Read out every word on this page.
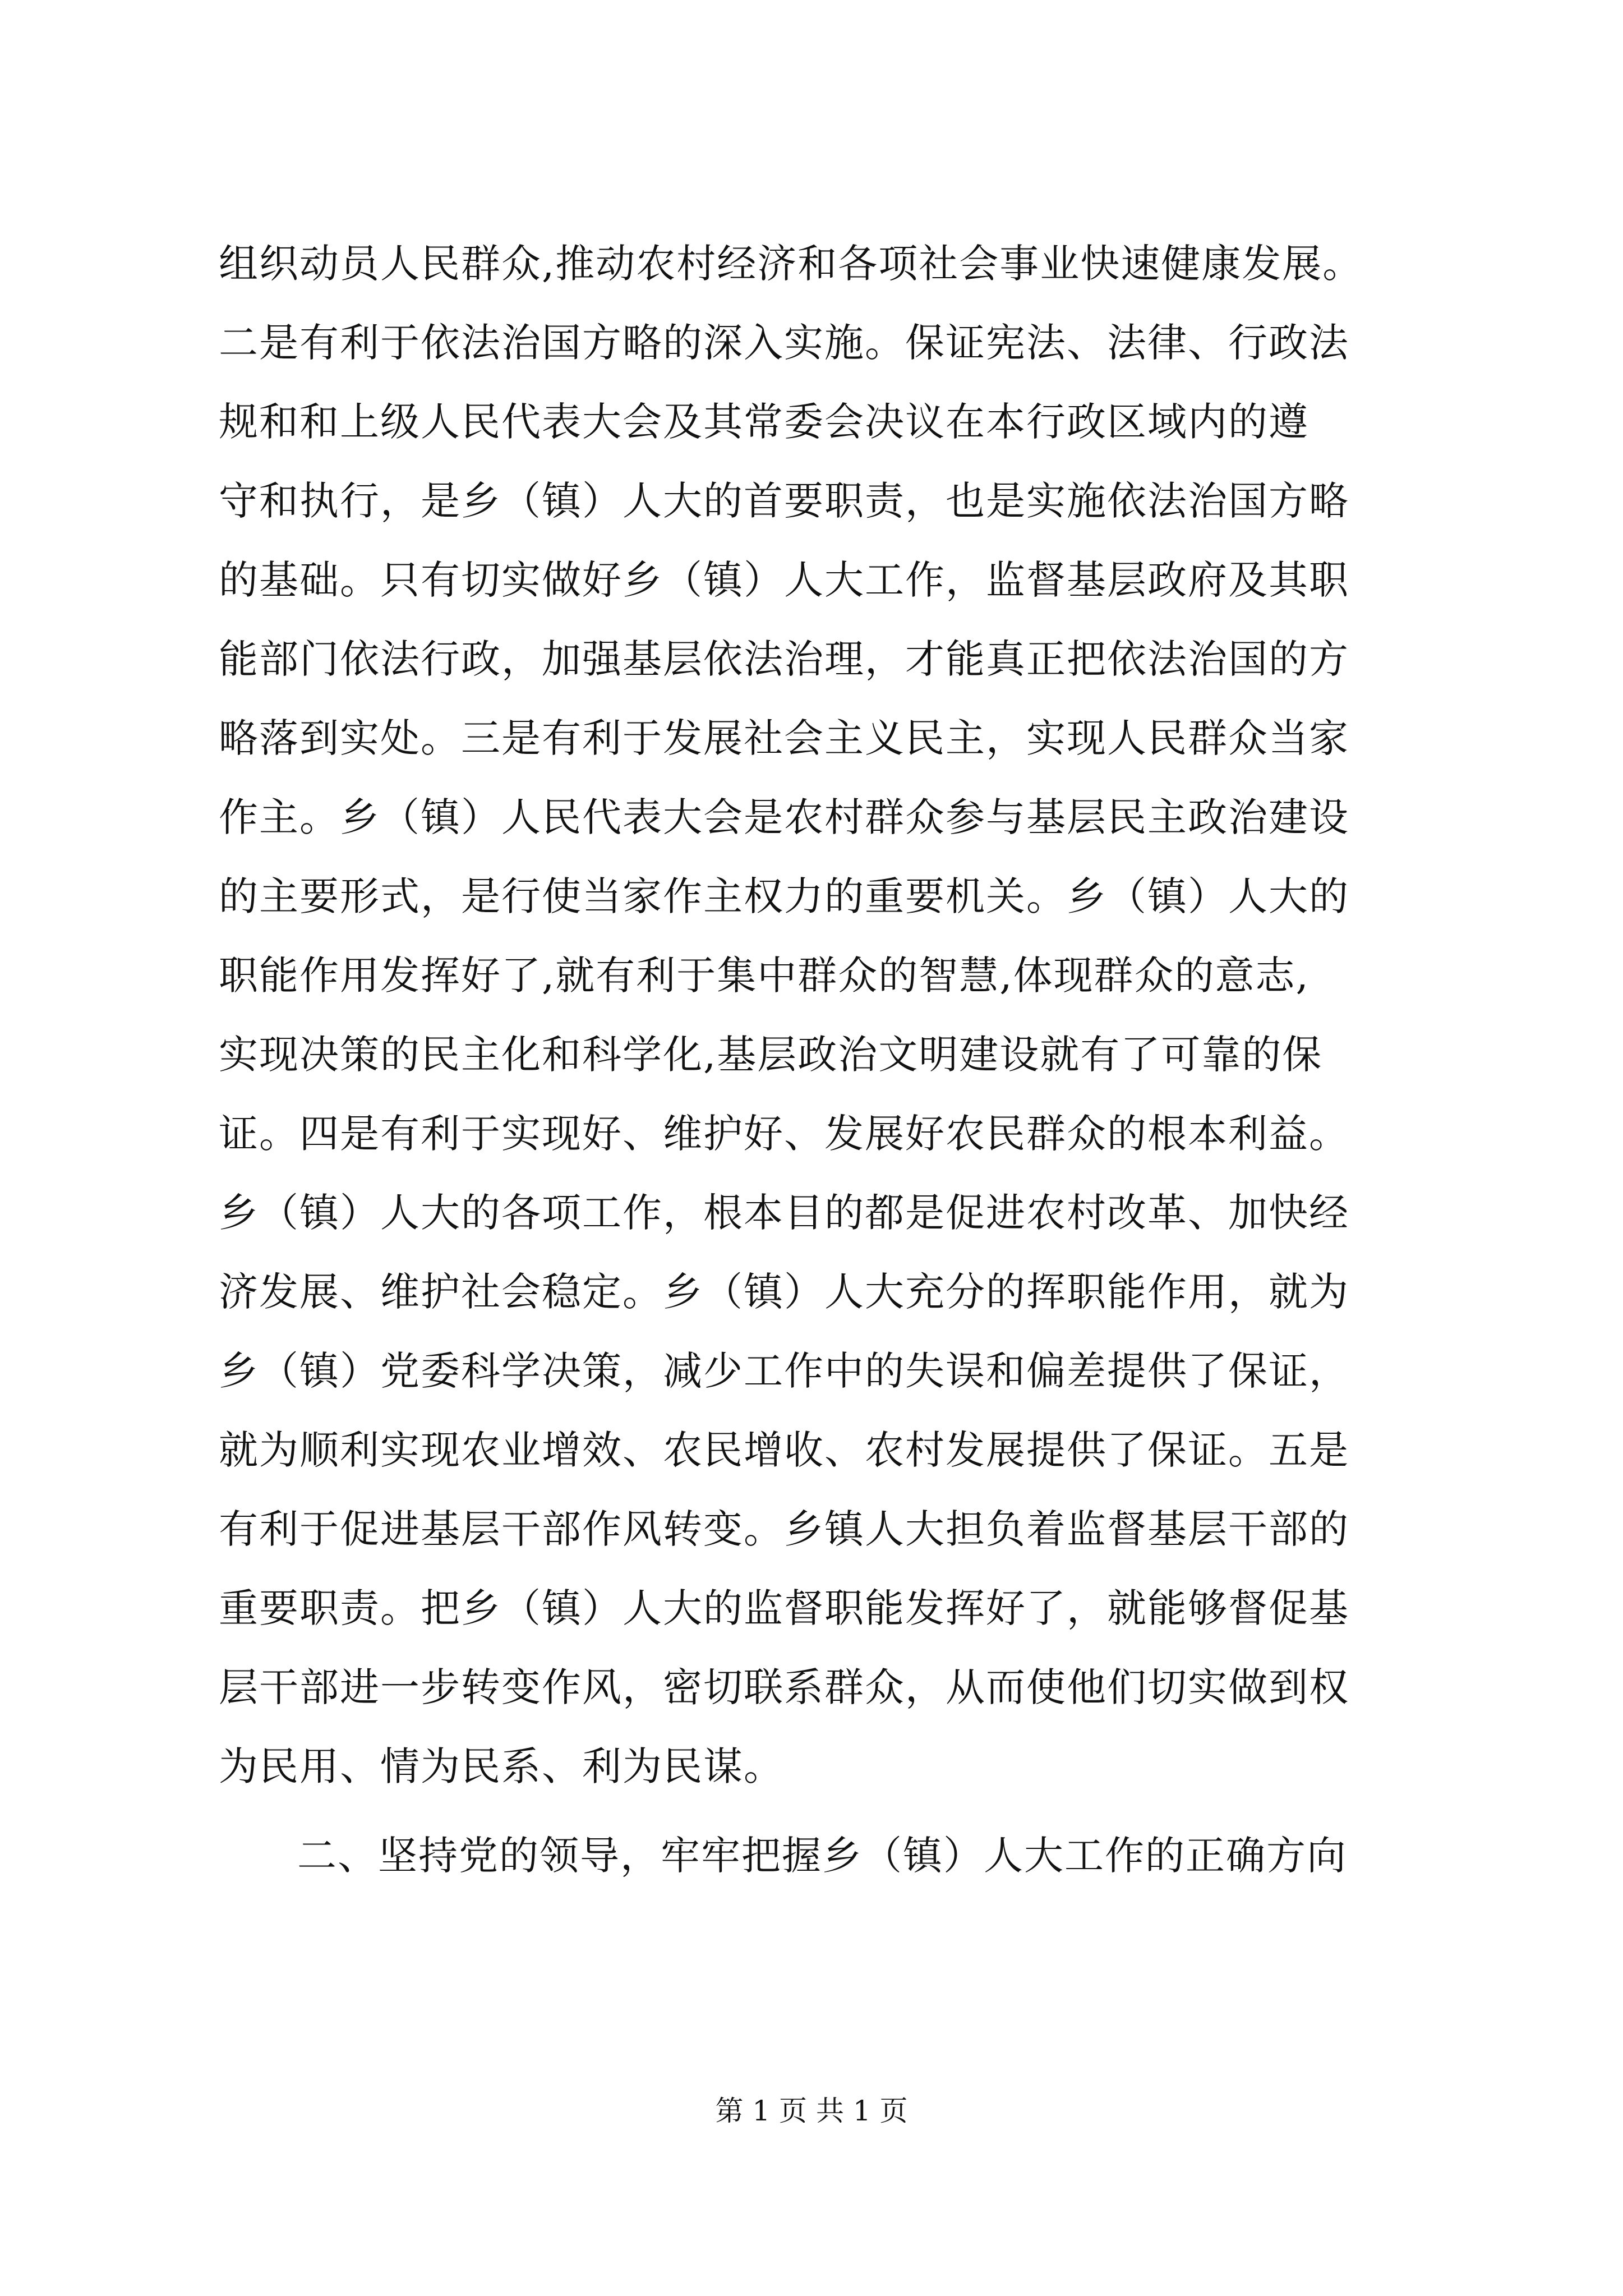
组织动员人民群众,推动农村经济和各项社会事业快速健康发展。
二是有利于依法治国方略的深入实施。保证宪法、法律、行政法
规和和上级人民代表大会及其常委会决议在本行政区域内的遵
守和执行，是乡（镇）人大的首要职责，也是实施依法治国方略
的基础。只有切实做好乡（镇）人大工作，监督基层政府及其职
能部门依法行政，加强基层依法治理，才能真正把依法治国的方
略落到实处。三是有利于发展社会主义民主，实现人民群众当家
作主。乡（镇）人民代表大会是农村群众参与基层民主政治建设
的主要形式，是行使当家作主权力的重要机关。乡（镇）人大的
职能作用发挥好了,就有利于集中群众的智慧,体现群众的意志,
实现决策的民主化和科学化,基层政治文明建设就有了可靠的保
证。四是有利于实现好、维护好、发展好农民群众的根本利益。
乡（镇）人大的各项工作，根本目的都是促进农村改革、加快经
济发展、维护社会稳定。乡（镇）人大充分的挥职能作用，就为
乡（镇）党委科学决策，减少工作中的失误和偏差提供了保证，
就为顺利实现农业增效、农民增收、农村发展提供了保证。五是
有利于促进基层干部作风转变。乡镇人大担负着监督基层干部的
重要职责。把乡（镇）人大的监督职能发挥好了，就能够督促基
层干部进一步转变作风，密切联系群众，从而使他们切实做到权
为民用、情为民系、利为民谋。
二、坚持党的领导，牢牢把握乡（镇）人大工作的正确方向
第 1 页 共 1 页
